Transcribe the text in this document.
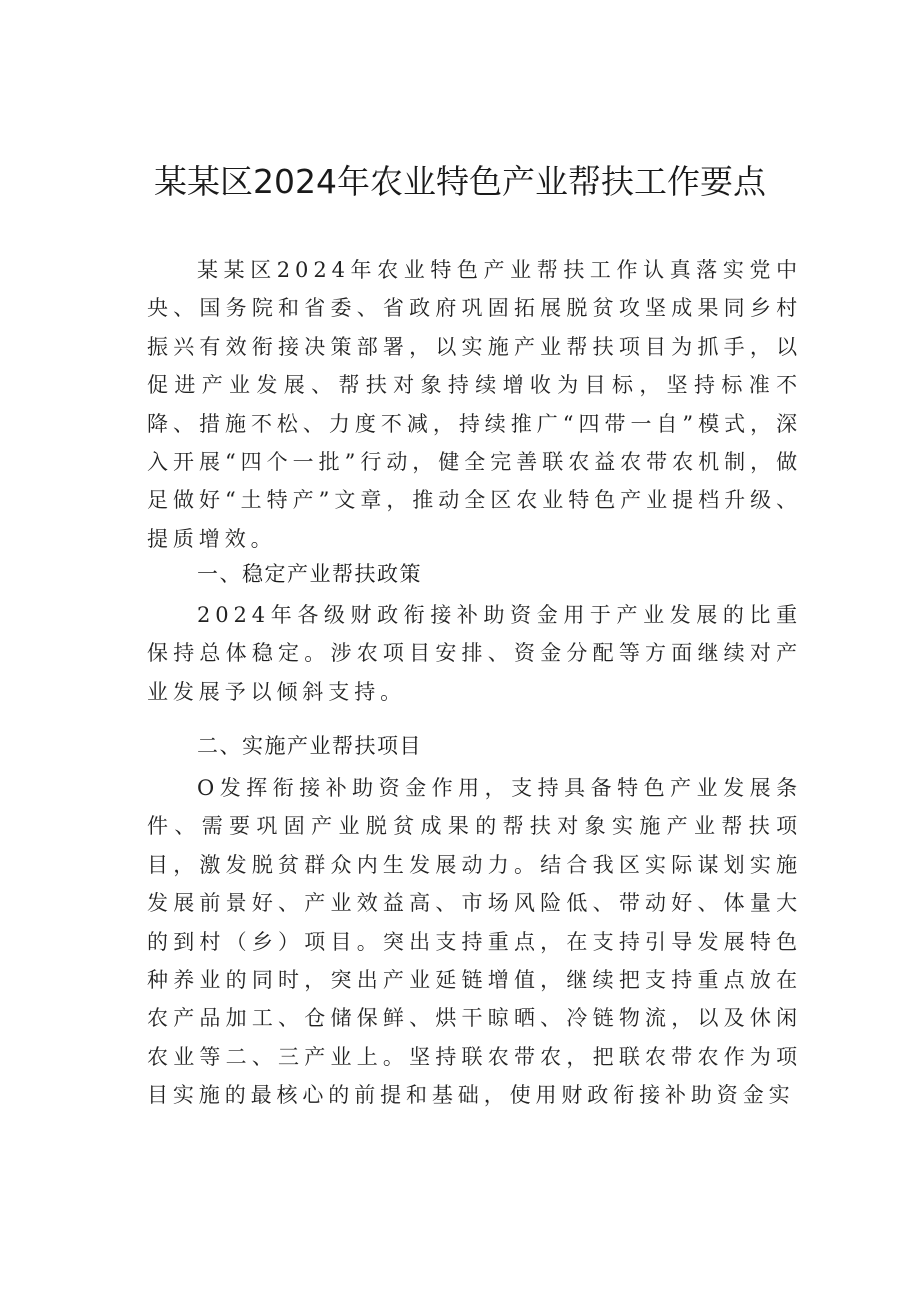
某某区2024年农业特色产业帮扶工作要点

某某区2024年农业特色产业帮扶工作认真落实党中央、国务院和省委、省政府巩固拓展脱贫攻坚成果同乡村振兴有效衔接决策部署，以实施产业帮扶项目为抓手，以促进产业发展、帮扶对象持续增收为目标，坚持标准不降、措施不松、力度不减，持续推广“四带一自”模式，深入开展“四个一批”行动，健全完善联农益农带农机制，做足做好“土特产”文章，推动全区农业特色产业提档升级、提质增效。

一、稳定产业帮扶政策

2024年各级财政衔接补助资金用于产业发展的比重保持总体稳定。涉农项目安排、资金分配等方面继续对产业发展予以倾斜支持。

二、实施产业帮扶项目

O发挥衔接补助资金作用，支持具备特色产业发展条件、需要巩固产业脱贫成果的帮扶对象实施产业帮扶项目，激发脱贫群众内生发展动力。结合我区实际谋划实施发展前景好、产业效益高、市场风险低、带动好、体量大的到村（乡）项目。突出支持重点，在支持引导发展特色种养业的同时，突出产业延链增值，继续把支持重点放在农产品加工、仓储保鲜、烘干晾晒、冷链物流，以及休闲农业等二、三产业上。坚持联农带农，把联农带农作为项目实施的最核心的前提和基础，使用财政衔接补助资金实
